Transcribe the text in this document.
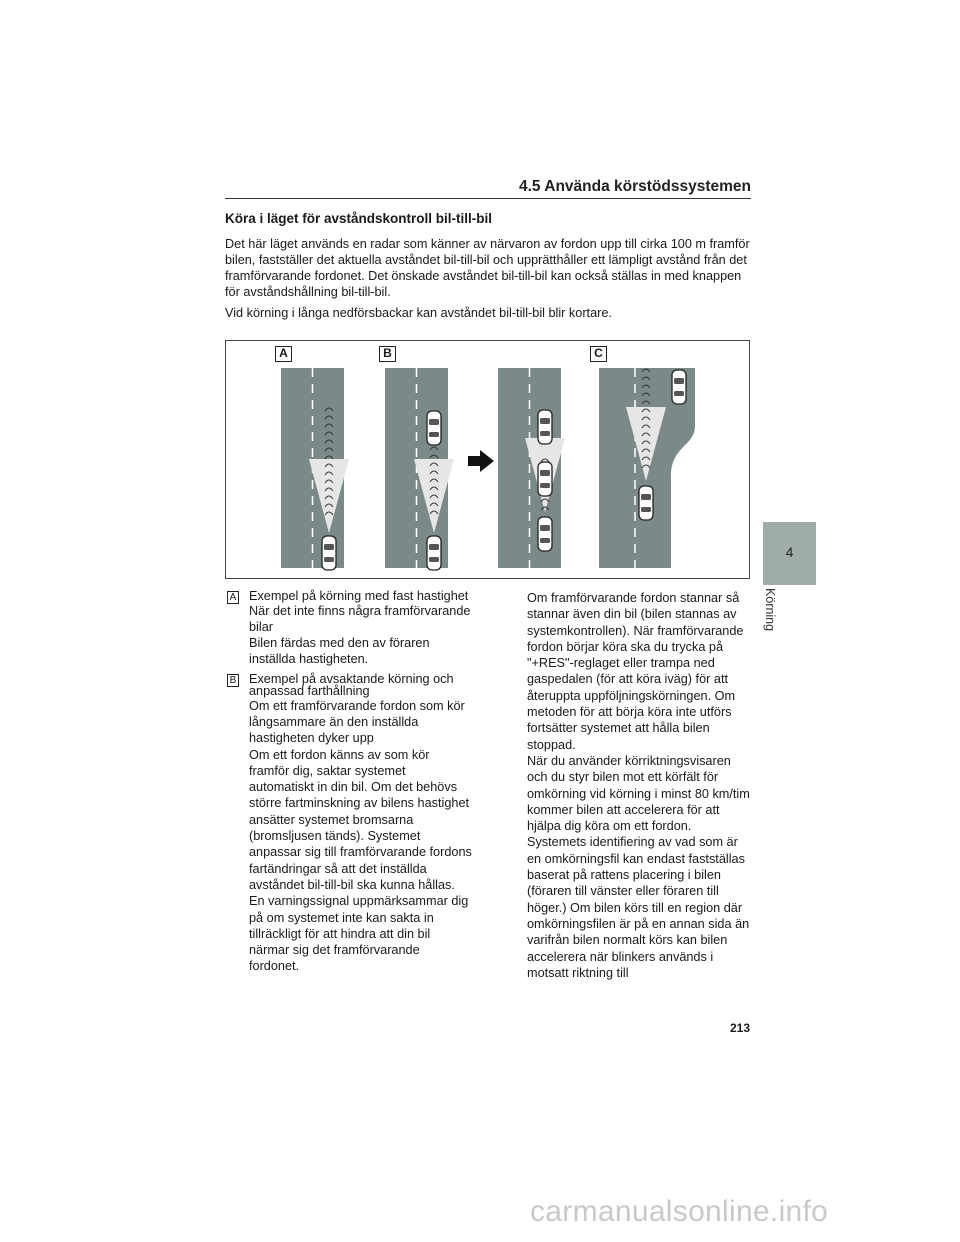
4.5 Använda körstödssystemen
Köra i läget för avståndskontroll bil-till-bil

Det här läget används en radar som känner av närvaron av fordon upp till cirka 100 m framför bilen, fastställer det aktuella avståndet bil-till-bil och upprätthåller ett lämpligt avstånd från det framförvarande fordonet. Det önskade avståndet bil-till-bil kan också ställas in med knappen för avståndshållning bil-till-bil.

Vid körning i långa nedförsbackar kan avståndet bil-till-bil blir kortare.

A	B	C
A Exempel på körning med fast hastighet

När det inte finns några framförvarande bilar

Bilen färdas med den av föraren inställda hastigheten.

B Exempel på avsaktande körning och anpassad farthållning

Om ett framförvarande fordon som kör långsammare än den inställda hastigheten dyker upp

Om ett fordon känns av som kör framför dig, saktar systemet automatiskt in din bil. Om det behövs större fartminskning av bilens hastighet ansätter systemet bromsarna (bromsljusen tänds). Systemet anpassar sig till framförvarande fordons fartändringar så att det inställda avståndet bil-till-bil ska kunna hållas. En varningssignal uppmärksammar dig på om systemet inte kan sakta in tillräckligt för att hindra att din bil närmar sig det framförvarande fordonet.

Om framförvarande fordon stannar så stannar även din bil (bilen stannas av systemkontrollen). När framförvarande fordon börjar köra ska du trycka på "+RES"-reglaget eller trampa ned gaspedalen (för att köra iväg) för att återuppta uppföljningskörningen. Om metoden för att börja köra inte utförs fortsätter systemet att hålla bilen stoppad.

När du använder körriktningsvisaren och du styr bilen mot ett körfält för omkörning vid körning i minst 80 km/tim kommer bilen att accelerera för att hjälpa dig köra om ett fordon.

Systemets identifiering av vad som är en omkörningsfil kan endast fastställas baserat på rattens placering i bilen (föraren till vänster eller föraren till höger.) Om bilen körs till en region där omkörningsfilen är på en annan sida än varifrån bilen normalt körs kan bilen accelerera när blinkers används i motsatt riktning till

213
4
Körning
carmanualsonline.info
